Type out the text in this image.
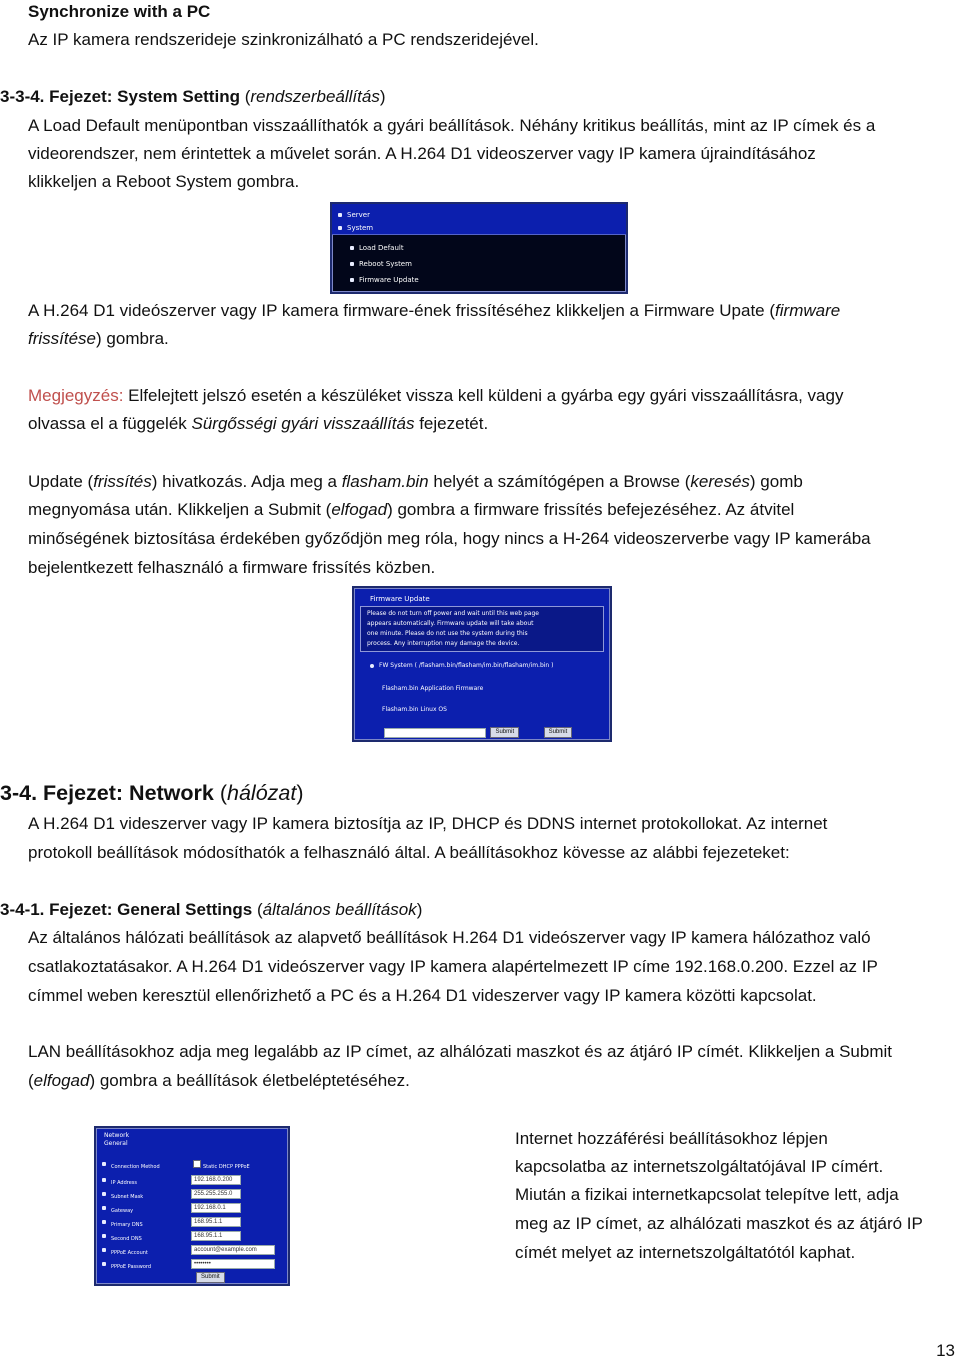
Synchronize with a PC
Az IP kamera rendszerideje szinkronizálható a PC rendszeridejével.
3-3-4. Fejezet: System Setting (rendszerbeállítás)
A Load Default menüpontban visszaállíthatók a gyári beállítások. Néhány kritikus beállítás, mint az IP címek és a
videorendszer, nem érintettek a művelet során. A H.264 D1 videoszerver vagy IP kamera újraindításához
klikkeljen a Reboot System gombra.
Server
System
Load Default
Reboot System
Firmware Update
A H.264 D1 videószerver vagy IP kamera firmware-ének frissítéséhez klikkeljen a Firmware Upate (firmware
frissítése) gombra.
Megjegyzés: Elfelejtett jelszó esetén a készüléket vissza kell küldeni a gyárba egy gyári visszaállításra, vagy
olvassa el a függelék Sürgősségi gyári visszaállítás fejezetét.
Update (frissítés) hivatkozás. Adja meg a flasham.bin helyét a számítógépen a Browse (keresés) gomb
megnyomása után. Klikkeljen a Submit (elfogad) gombra a firmware frissítés befejezéséhez. Az átvitel
minőségének biztosítása érdekében győződjön meg róla, hogy nincs a H-264 videoszerverbe vagy IP kamerába
bejelentkezett felhasználó a firmware frissítés közben.
Firmware Update
Please do not turn off power and wait until this web page
appears automatically. Firmware update will take about
one minute. Please do not use the system during this
process. Any interruption may damage the device.
FW System ( /flasham.bin/flasham/im.bin/flasham/im.bin )
Flasham.bin Application Firmware
Flasham.bin Linux OS
Submit	Submit
3-4. Fejezet: Network (hálózat)
A H.264 D1 videszerver vagy IP kamera biztosítja az IP, DHCP és DDNS internet protokollokat. Az internet
protokoll beállítások módosíthatók a felhasználó által. A beállításokhoz kövesse az alábbi fejezeteket:
3-4-1. Fejezet: General Settings (általános beállítások)
Az általános hálózati beállítások az alapvető beállítások H.264 D1 videószerver vagy IP kamera hálózathoz való
csatlakoztatásakor. A H.264 D1 videószerver vagy IP kamera alapértelmezett IP címe 192.168.0.200. Ezzel az IP
címmel weben keresztül ellenőrizhető a PC és a H.264 D1 videszerver vagy IP kamera közötti kapcsolat.
LAN beállításokhoz adja meg legalább az IP címet, az alhálózati maszkot és az átjáró IP címét. Klikkeljen a Submit
(elfogad) gombra a beállítások életbeléptetéséhez.
Network
General
Connection Method	Static DHCP PPPoE
IP Address192.168.0.200
Subnet Mask255.255.255.0
Gateway192.168.0.1
Primary DNS168.95.1.1
Second DNS168.95.1.1
PPPoE Accountaccount@example.com
PPPoE Password••••••••
Submit
Internet hozzáférési beállításokhoz lépjen
kapcsolatba az internetszolgáltatójával IP címért.
Miután a fizikai internetkapcsolat telepítve lett, adja
meg az IP címet, az alhálózati maszkot és az átjáró IP
címét melyet az internetszolgáltatótól kaphat.
13
